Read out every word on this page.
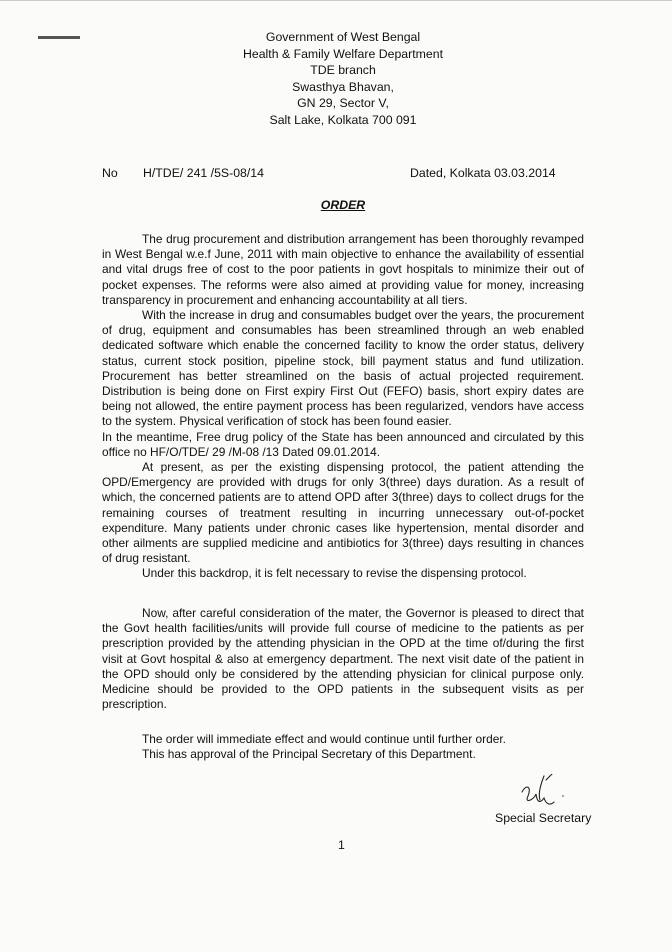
Government of West Bengal
Health & Family Welfare Department
TDE branch
Swasthya Bhavan,
GN 29, Sector V,
Salt Lake, Kolkata 700 091
No H/TDE/ 241 /5S-08/14	Dated, Kolkata 03.03.2014
ORDER

The drug procurement and distribution arrangement has been thoroughly revamped in West Bengal w.e.f June, 2011 with main objective to enhance the availability of essential and vital drugs free of cost to the poor patients in govt hospitals to minimize their out of pocket expenses. The reforms were also aimed at providing value for money, increasing transparency in procurement and enhancing accountability at all tiers.

With the increase in drug and consumables budget over the years, the procurement of drug, equipment and consumables has been streamlined through an web enabled dedicated software which enable the concerned facility to know the order status, delivery status, current stock position, pipeline stock, bill payment status and fund utilization. Procurement has better streamlined on the basis of actual projected requirement. Distribution is being done on First expiry First Out (FEFO) basis, short expiry dates are being not allowed, the entire payment process has been regularized, vendors have access to the system. Physical verification of stock has been found easier.

In the meantime, Free drug policy of the State has been announced and circulated by this office no HF/O/TDE/ 29 /M-08 /13 Dated 09.01.2014.

At present, as per the existing dispensing protocol, the patient attending the OPD/Emergency are provided with drugs for only 3(three) days duration. As a result of which, the concerned patients are to attend OPD after 3(three) days to collect drugs for the remaining courses of treatment resulting in incurring unnecessary out-of-pocket expenditure. Many patients under chronic cases like hypertension, mental disorder and other ailments are supplied medicine and antibiotics for 3(three) days resulting in chances of drug resistant.

Under this backdrop, it is felt necessary to revise the dispensing protocol.

Now, after careful consideration of the mater, the Governor is pleased to direct that the Govt health facilities/units will provide full course of medicine to the patients as per prescription provided by the attending physician in the OPD at the time of/during the first visit at Govt hospital & also at emergency department. The next visit date of the patient in the OPD should only be considered by the attending physician for clinical purpose only. Medicine should be provided to the OPD patients in the subsequent visits as per prescription.

The order will immediate effect and would continue until further order.
This has approval of the Principal Secretary of this Department.
Special Secretary
1
